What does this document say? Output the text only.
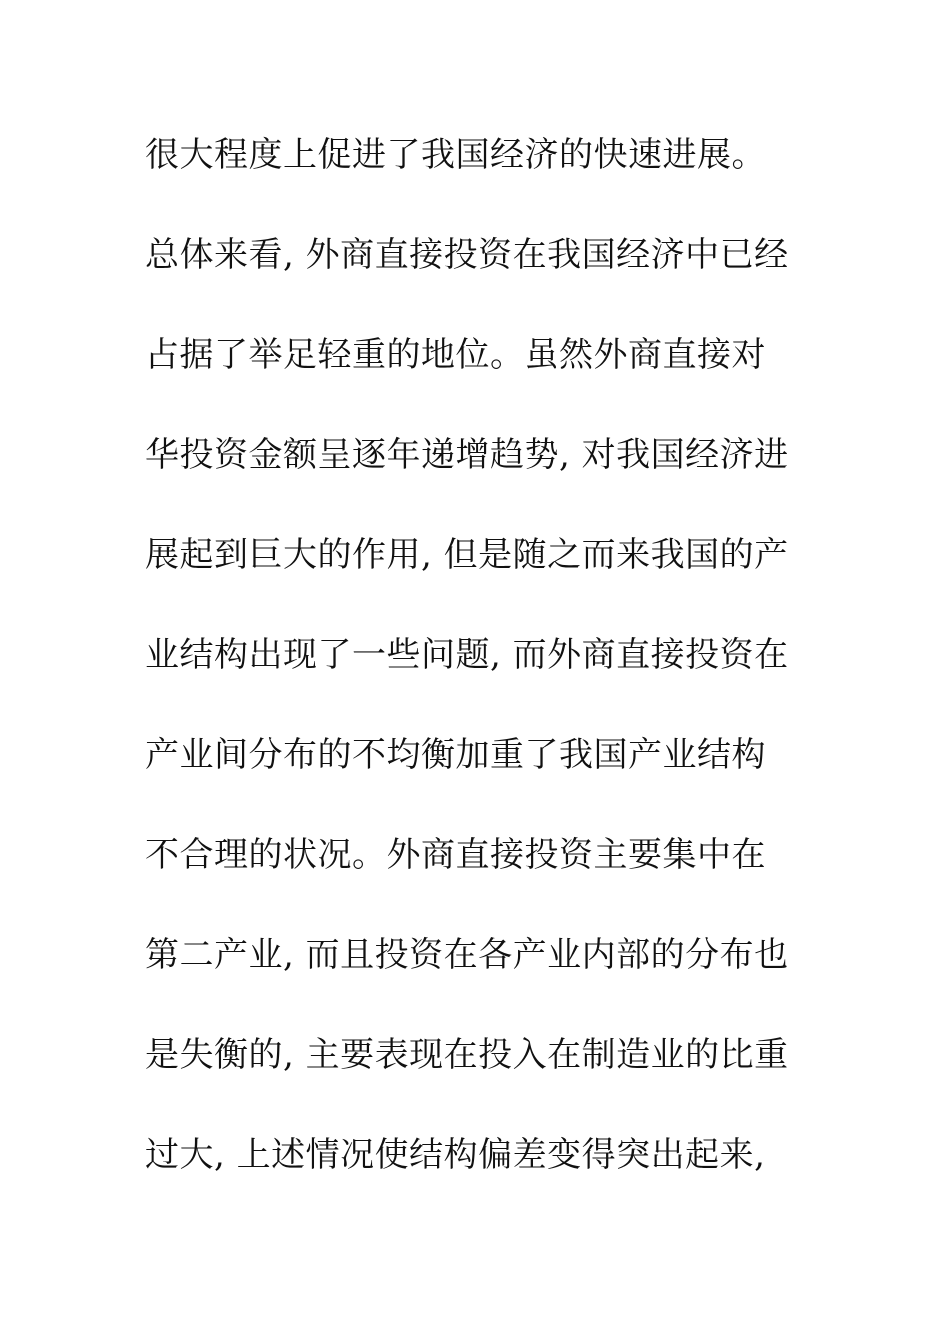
很大程度上促进了我国经济的快速进展。
总体来看, 外商直接投资在我国经济中已经
占据了举足轻重的地位。虽然外商直接对
华投资金额呈逐年递增趋势, 对我国经济进
展起到巨大的作用, 但是随之而来我国的产
业结构出现了一些问题, 而外商直接投资在
产业间分布的不均衡加重了我国产业结构
不合理的状况。外商直接投资主要集中在
第二产业, 而且投资在各产业内部的分布也
是失衡的, 主要表现在投入在制造业的比重
过大, 上述情况使结构偏差变得突出起来,
